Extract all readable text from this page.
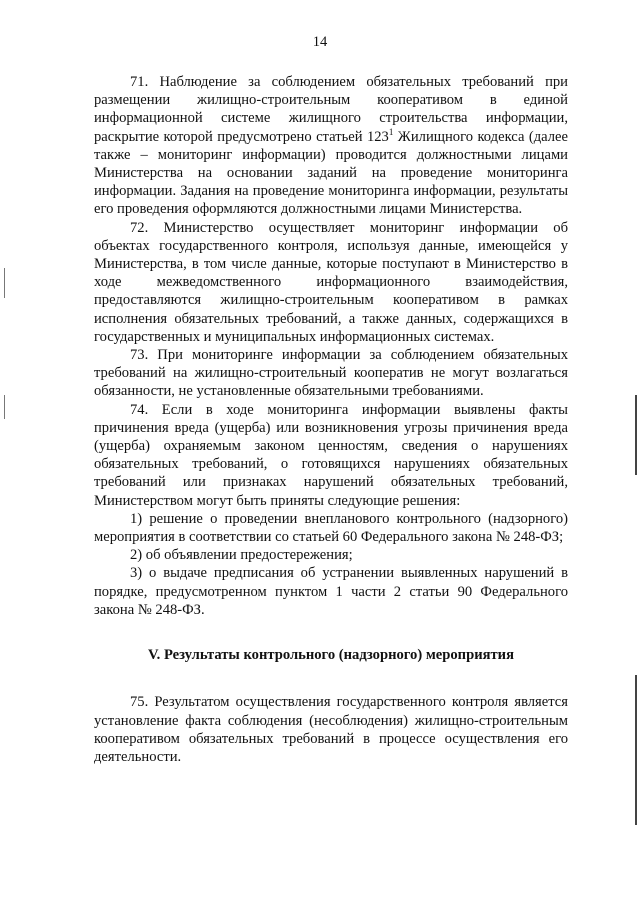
14

71. Наблюдение за соблюдением обязательных требований при размещении жилищно-строительным кооперативом в единой информационной системе жилищного строительства информации, раскрытие которой предусмотрено статьей $123^1$ Жилищного кодекса (далее также – мониторинг информации) проводится должностными лицами Министерства на основании заданий на проведение мониторинга информации. Задания на проведение мониторинга информации, результаты его проведения оформляются должностными лицами Министерства.

72. Министерство осуществляет мониторинг информации об объектах государственного контроля, используя данные, имеющейся у Министерства, в том числе данные, которые поступают в Министерство в ходе межведомственного информационного взаимодействия, предоставляются жилищно-строительным кооперативом в рамках исполнения обязательных требований, а также данных, содержащихся в государственных и муниципальных информационных системах.

73. При мониторинге информации за соблюдением обязательных требований на жилищно-строительный кооператив не могут возлагаться обязанности, не установленные обязательными требованиями.

74. Если в ходе мониторинга информации выявлены факты причинения вреда (ущерба) или возникновения угрозы причинения вреда (ущерба) охраняемым законом ценностям, сведения о нарушениях обязательных требований, о готовящихся нарушениях обязательных требований или признаках нарушений обязательных требований, Министерством могут быть приняты следующие решения:

1) решение о проведении внепланового контрольного (надзорного) мероприятия в соответствии со статьей 60 Федерального закона № 248-ФЗ;

2) об объявлении предостережения;

3) о выдаче предписания об устранении выявленных нарушений в порядке, предусмотренном пунктом 1 части 2 статьи 90 Федерального закона № 248-ФЗ.

V. Результаты контрольного (надзорного) мероприятия

75. Результатом осуществления государственного контроля является установление факта соблюдения (несоблюдения) жилищно-строительным кооперативом обязательных требований в процессе осуществления его деятельности.
